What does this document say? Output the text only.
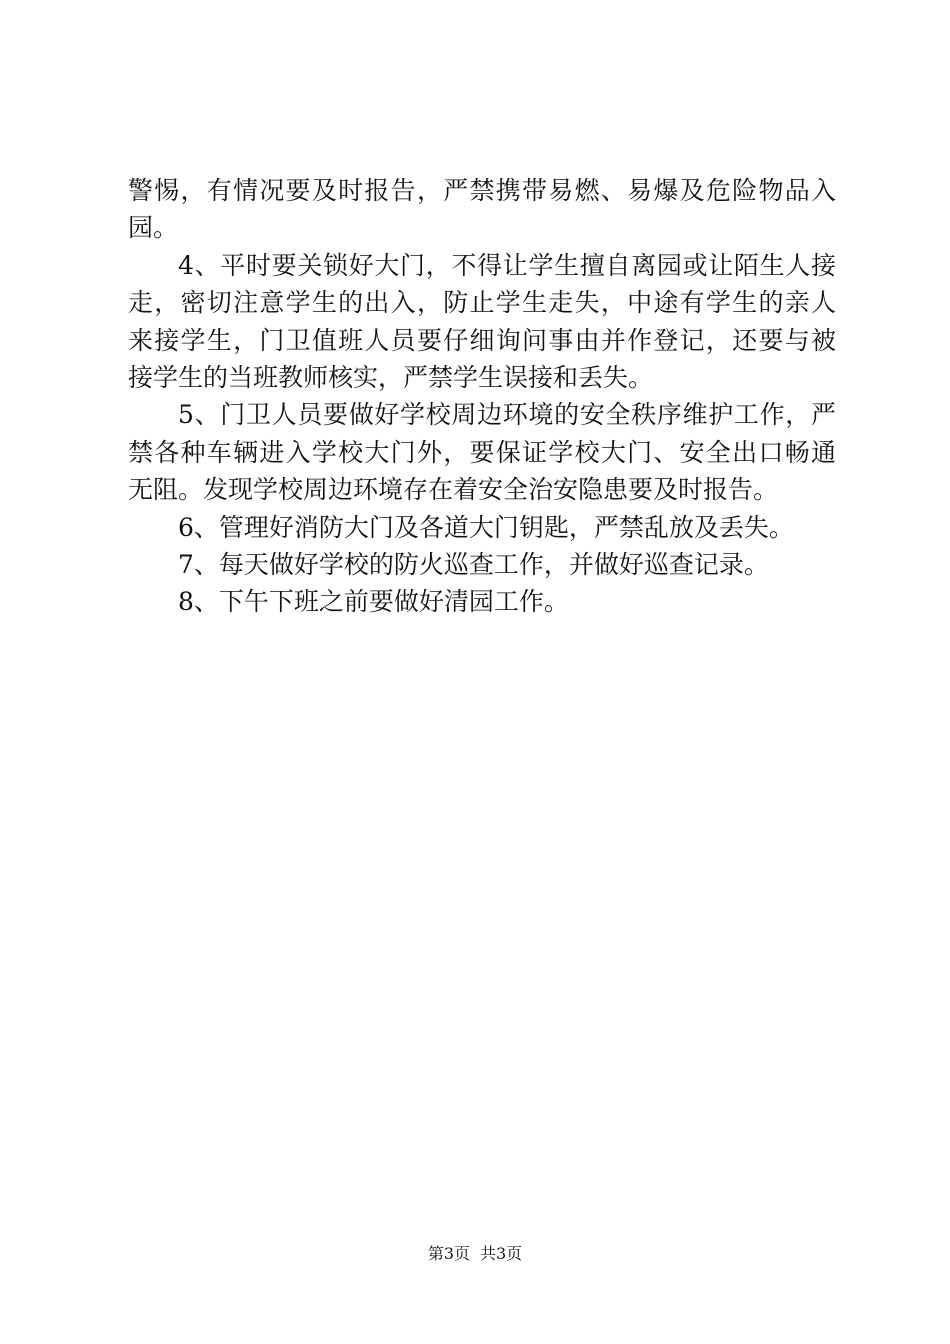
警惕，有情况要及时报告，严禁携带易燃、易爆及危险物品入
园。
4、平时要关锁好大门，不得让学生擅自离园或让陌生人接
走，密切注意学生的出入，防止学生走失，中途有学生的亲人
来接学生，门卫值班人员要仔细询问事由并作登记，还要与被
接学生的当班教师核实，严禁学生误接和丢失。
5、门卫人员要做好学校周边环境的安全秩序维护工作，严
禁各种车辆进入学校大门外，要保证学校大门、安全出口畅通
无阻。发现学校周边环境存在着安全治安隐患要及时报告。
6、管理好消防大门及各道大门钥匙，严禁乱放及丢失。
7、每天做好学校的防火巡查工作，并做好巡查记录。
8、下午下班之前要做好清园工作。
第3页 共3页
